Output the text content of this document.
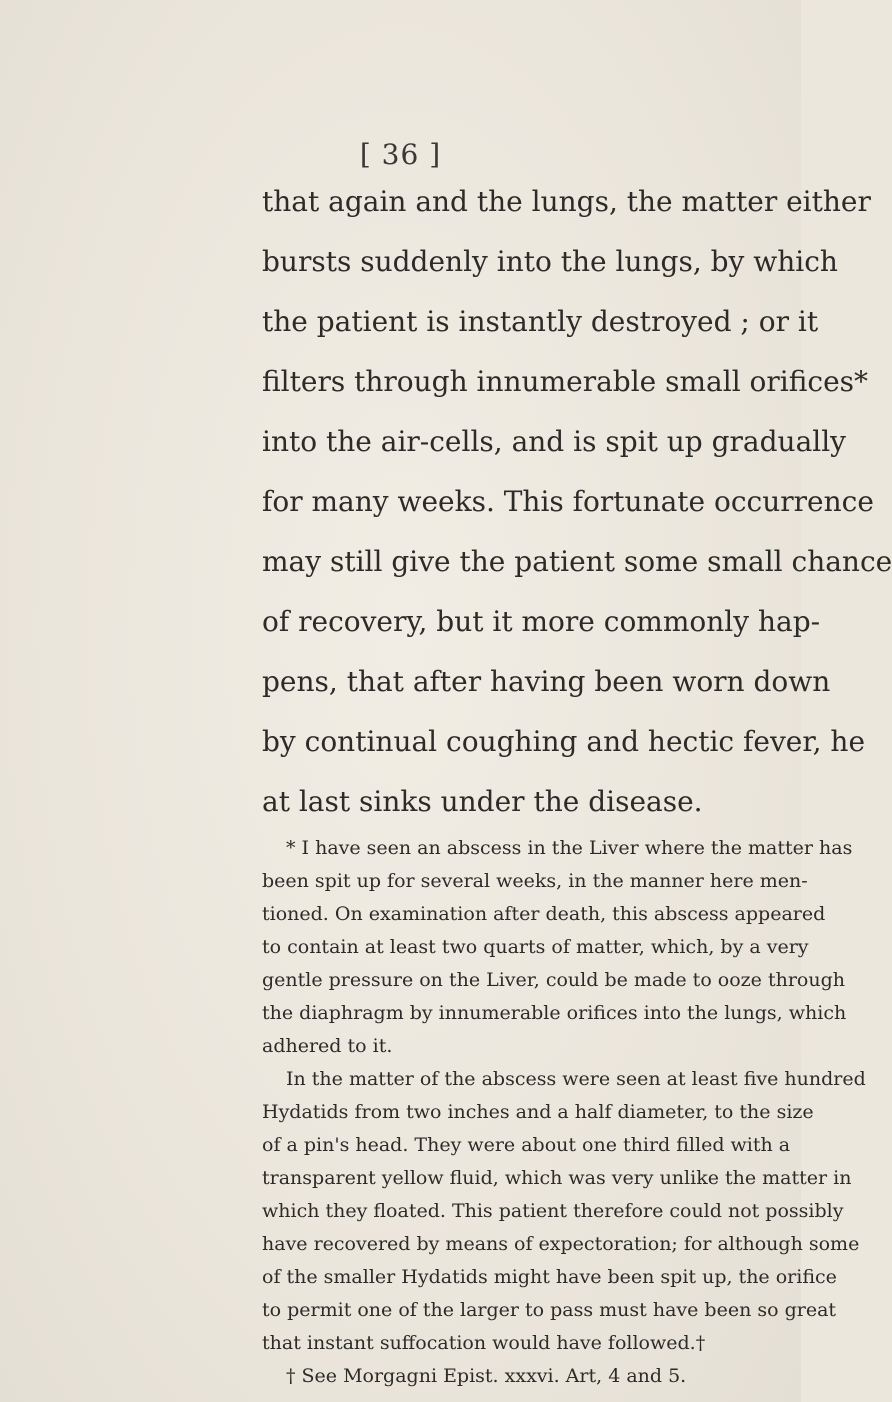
[ 36 ]
that again and the lungs, the matter either
bursts suddenly into the lungs, by which
the patient is instantly destroyed ; or it
filters through innumerable small orifices*
into the air-cells, and is spit up gradually
for many weeks. This fortunate occurrence
may still give the patient some small chance
of recovery, but it more commonly hap-
pens, that after having been worn down
by continual coughing and hectic fever, he
at last sinks under the disease.
* I have seen an abscess in the Liver where the matter has
been spit up for several weeks, in the manner here men-
tioned. On examination after death, this abscess appeared
to contain at least two quarts of matter, which, by a very
gentle pressure on the Liver, could be made to ooze through
the diaphragm by innumerable orifices into the lungs, which
adhered to it.
In the matter of the abscess were seen at least five hundred
Hydatids from two inches and a half diameter, to the size
of a pin's head. They were about one third filled with a
transparent yellow fluid, which was very unlike the matter in
which they floated. This patient therefore could not possibly
have recovered by means of expectoration; for although some
of the smaller Hydatids might have been spit up, the orifice
to permit one of the larger to pass must have been so great
that instant suffocation would have followed.†
† See Morgagni Epist. xxxvi. Art, 4 and 5.
